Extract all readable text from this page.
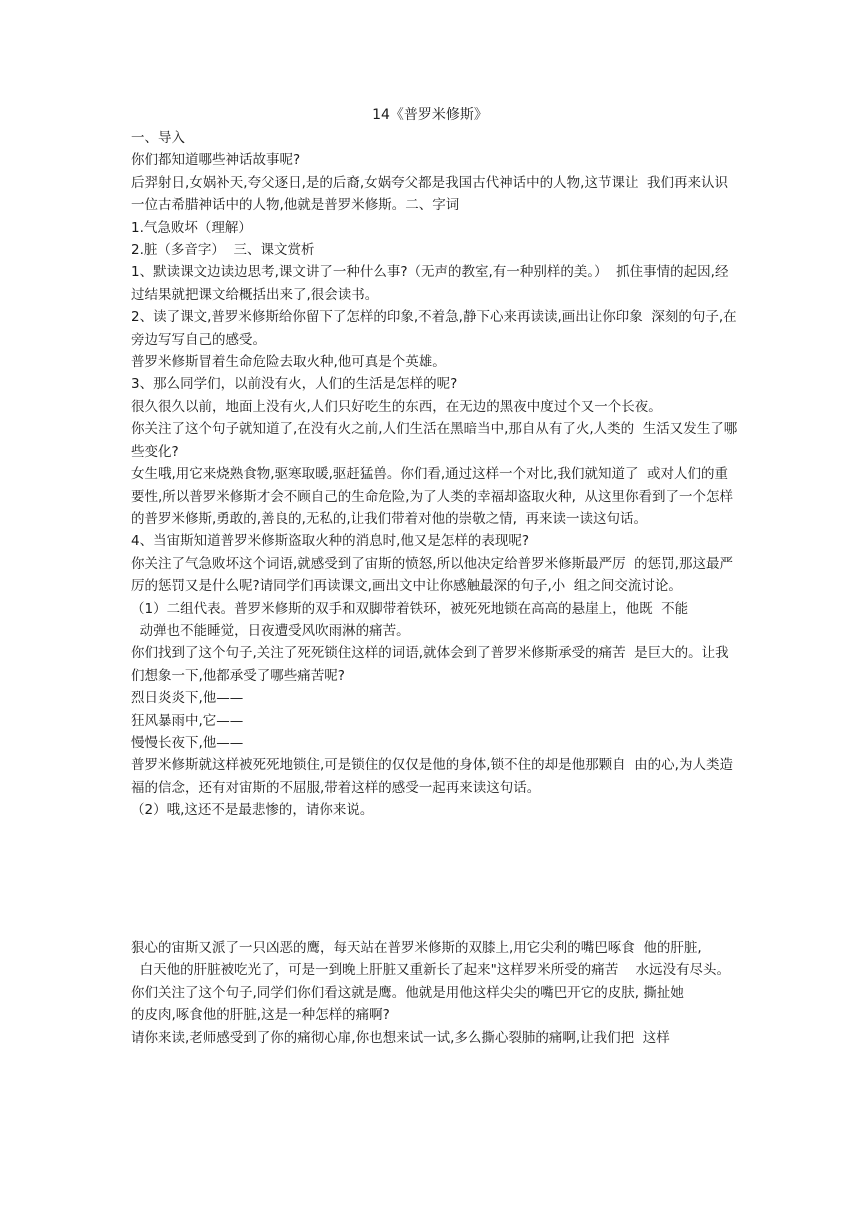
14《普罗米修斯》

一、导入

你们都知道哪些神话故事呢?

后羿射日,女娲补天,夸父逐日,是的后裔,女娲夸父都是我国古代神话中的人物,这节课让  我们再来认识一位古希腊神话中的人物,他就是普罗米修斯。二、字词

1.气急败坏（理解）

2.脏（多音字）  三、课文赏析

1、默读课文边读边思考,课文讲了一种什么事?（无声的教室,有一种别样的美。）  抓住事情的起因,经过结果就把课文给概括出来了,很会读书。

2、读了课文,普罗米修斯给你留下了怎样的印象,不着急,静下心来再读读,画出让你印象  深刻的句子,在旁边写写自己的感受。

普罗米修斯冒着生命危险去取火种,他可真是个英雄。

3、那么同学们，以前没有火，人们的生活是怎样的呢?

很久很久以前，地面上没有火,人们只好吃生的东西，在无边的黑夜中度过个又一个长夜。

你关注了这个句子就知道了,在没有火之前,人们生活在黑暗当中,那自从有了火,人类的  生活又发生了哪些变化?

女生哦,用它来烧熟食物,驱寒取暖,驱赶猛兽。你们看,通过这样一个对比,我们就知道了  或对人们的重要性,所以普罗米修斯才会不顾自己的生命危险,为了人类的幸福却盗取火种,  从这里你看到了一个怎样的普罗米修斯,勇敢的,善良的,无私的,让我们带着对他的崇敬之情,  再来读一读这句话。

4、当宙斯知道普罗米修斯盗取火种的消息时,他又是怎样的表现呢?

你关注了气急败坏这个词语,就感受到了宙斯的愤怒,所以他决定给普罗米修斯最严厉  的惩罚,那这最严厉的惩罚又是什么呢?请同学们再读课文,画出文中让你感触最深的句子,小  组之间交流讨论。

（1）二组代表。普罗米修斯的双手和双脚带着铁环，被死死地锁在高高的悬崖上，他既  不能

动弹也不能睡觉，日夜遭受风吹雨淋的痛苦。

你们找到了这个句子,关注了死死锁住这样的词语,就体会到了普罗米修斯承受的痛苦  是巨大的。让我们想象一下,他都承受了哪些痛苦呢?

烈日炎炎下,他——

狂风暴雨中,它——

慢慢长夜下,他——

普罗米修斯就这样被死死地锁住,可是锁住的仅仅是他的身体,锁不住的却是他那颗自  由的心,为人类造福的信念，还有对宙斯的不屈服,带着这样的感受一起再来读这句话。

（2）哦,这还不是最悲惨的，请你来说。

狠心的宙斯又派了一只凶恶的鹰，每天站在普罗米修斯的双膝上,用它尖利的嘴巴啄食  他的肝脏,

白天他的肝脏被吃光了，可是一到晚上肝脏又重新长了起来"这样罗米所受的痛苦    水远没有尽头。你们关注了这个句子,同学们你们看这就是鹰。他就是用他这样尖尖的嘴巴开它的皮肤, 撕扯她

的皮肉,啄食他的肝脏,这是一种怎样的痛啊?

请你来读,老师感受到了你的痛彻心扉,你也想来试一试,多么撕心裂肺的痛啊,让我们把  这样
